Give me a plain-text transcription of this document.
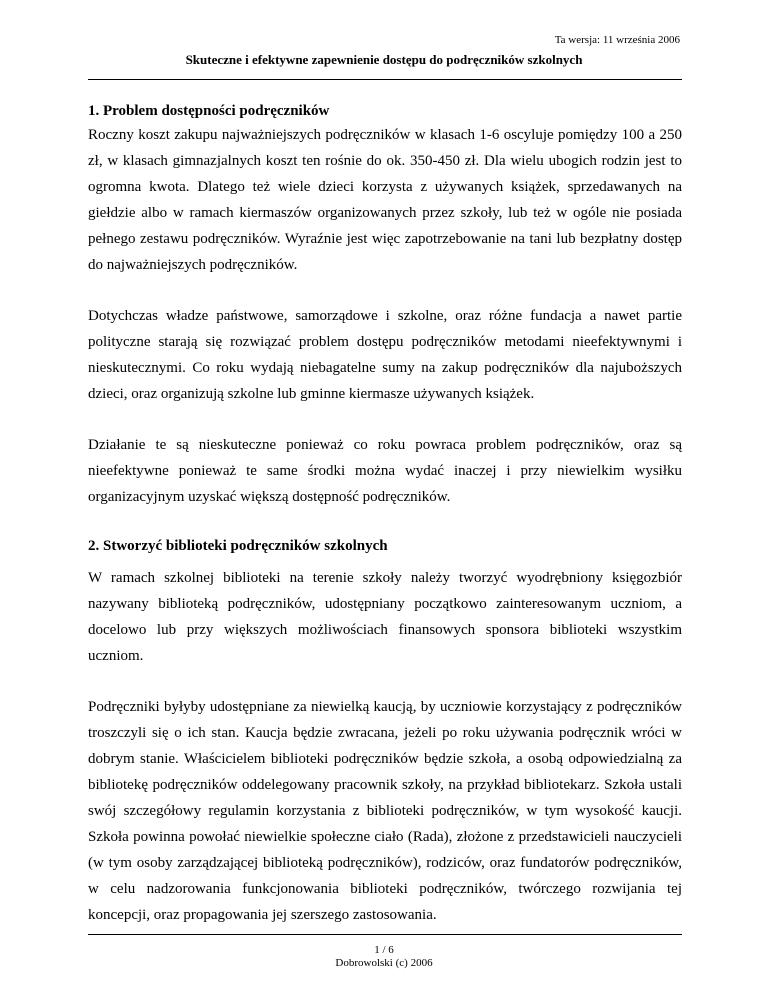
Ta wersja: 11 września 2006
Skuteczne i efektywne zapewnienie dostępu do podręczników szkolnych
1. Problem dostępności podręczników

Roczny koszt zakupu najważniejszych podręczników w klasach 1-6 oscyluje pomiędzy 100 a 250 zł, w klasach gimnazjalnych koszt ten rośnie do ok. 350-450 zł. Dla wielu ubogich rodzin jest to ogromna kwota. Dlatego też wiele dzieci korzysta z używanych książek, sprzedawanych na giełdzie albo w ramach kiermaszów organizowanych przez szkoły, lub też w ogóle nie posiada pełnego zestawu podręczników. Wyraźnie jest więc zapotrzebowanie na tani lub bezpłatny dostęp do najważniejszych podręczników.

Dotychczas władze państwowe, samorządowe i szkolne, oraz różne fundacja a nawet partie polityczne starają się rozwiązać problem dostępu podręczników metodami nieefektywnymi i nieskutecznymi. Co roku wydają niebagatelne sumy na zakup podręczników dla najuboższych dzieci, oraz organizują szkolne lub gminne kiermasze używanych książek.

Działanie te są nieskuteczne ponieważ co roku powraca problem podręczników, oraz są nieefektywne ponieważ te same środki można wydać inaczej i przy niewielkim wysiłku organizacyjnym uzyskać większą dostępność podręczników.

2. Stworzyć biblioteki podręczników szkolnych

W ramach szkolnej biblioteki na terenie szkoły należy tworzyć wyodrębniony księgozbiór nazywany biblioteką podręczników, udostępniany początkowo zainteresowanym uczniom, a docelowo lub przy większych możliwościach finansowych sponsora biblioteki wszystkim uczniom.

Podręczniki byłyby udostępniane za niewielką kaucją, by uczniowie korzystający z podręczników troszczyli się o ich stan. Kaucja będzie zwracana, jeżeli po roku używania podręcznik wróci w dobrym stanie. Właścicielem biblioteki podręczników będzie szkoła, a osobą odpowiedzialną za bibliotekę podręczników oddelegowany pracownik szkoły, na przykład bibliotekarz. Szkoła ustali swój szczegółowy regulamin korzystania z biblioteki podręczników, w tym wysokość kaucji. Szkoła powinna powołać niewielkie społeczne ciało (Rada), złożone z przedstawicieli nauczycieli (w tym osoby zarządzającej biblioteką podręczników), rodziców, oraz fundatorów podręczników, w celu nadzorowania funkcjonowania biblioteki podręczników, twórczego rozwijania tej koncepcji, oraz propagowania jej szerszego zastosowania.

1 / 6
Dobrowolski (c) 2006
